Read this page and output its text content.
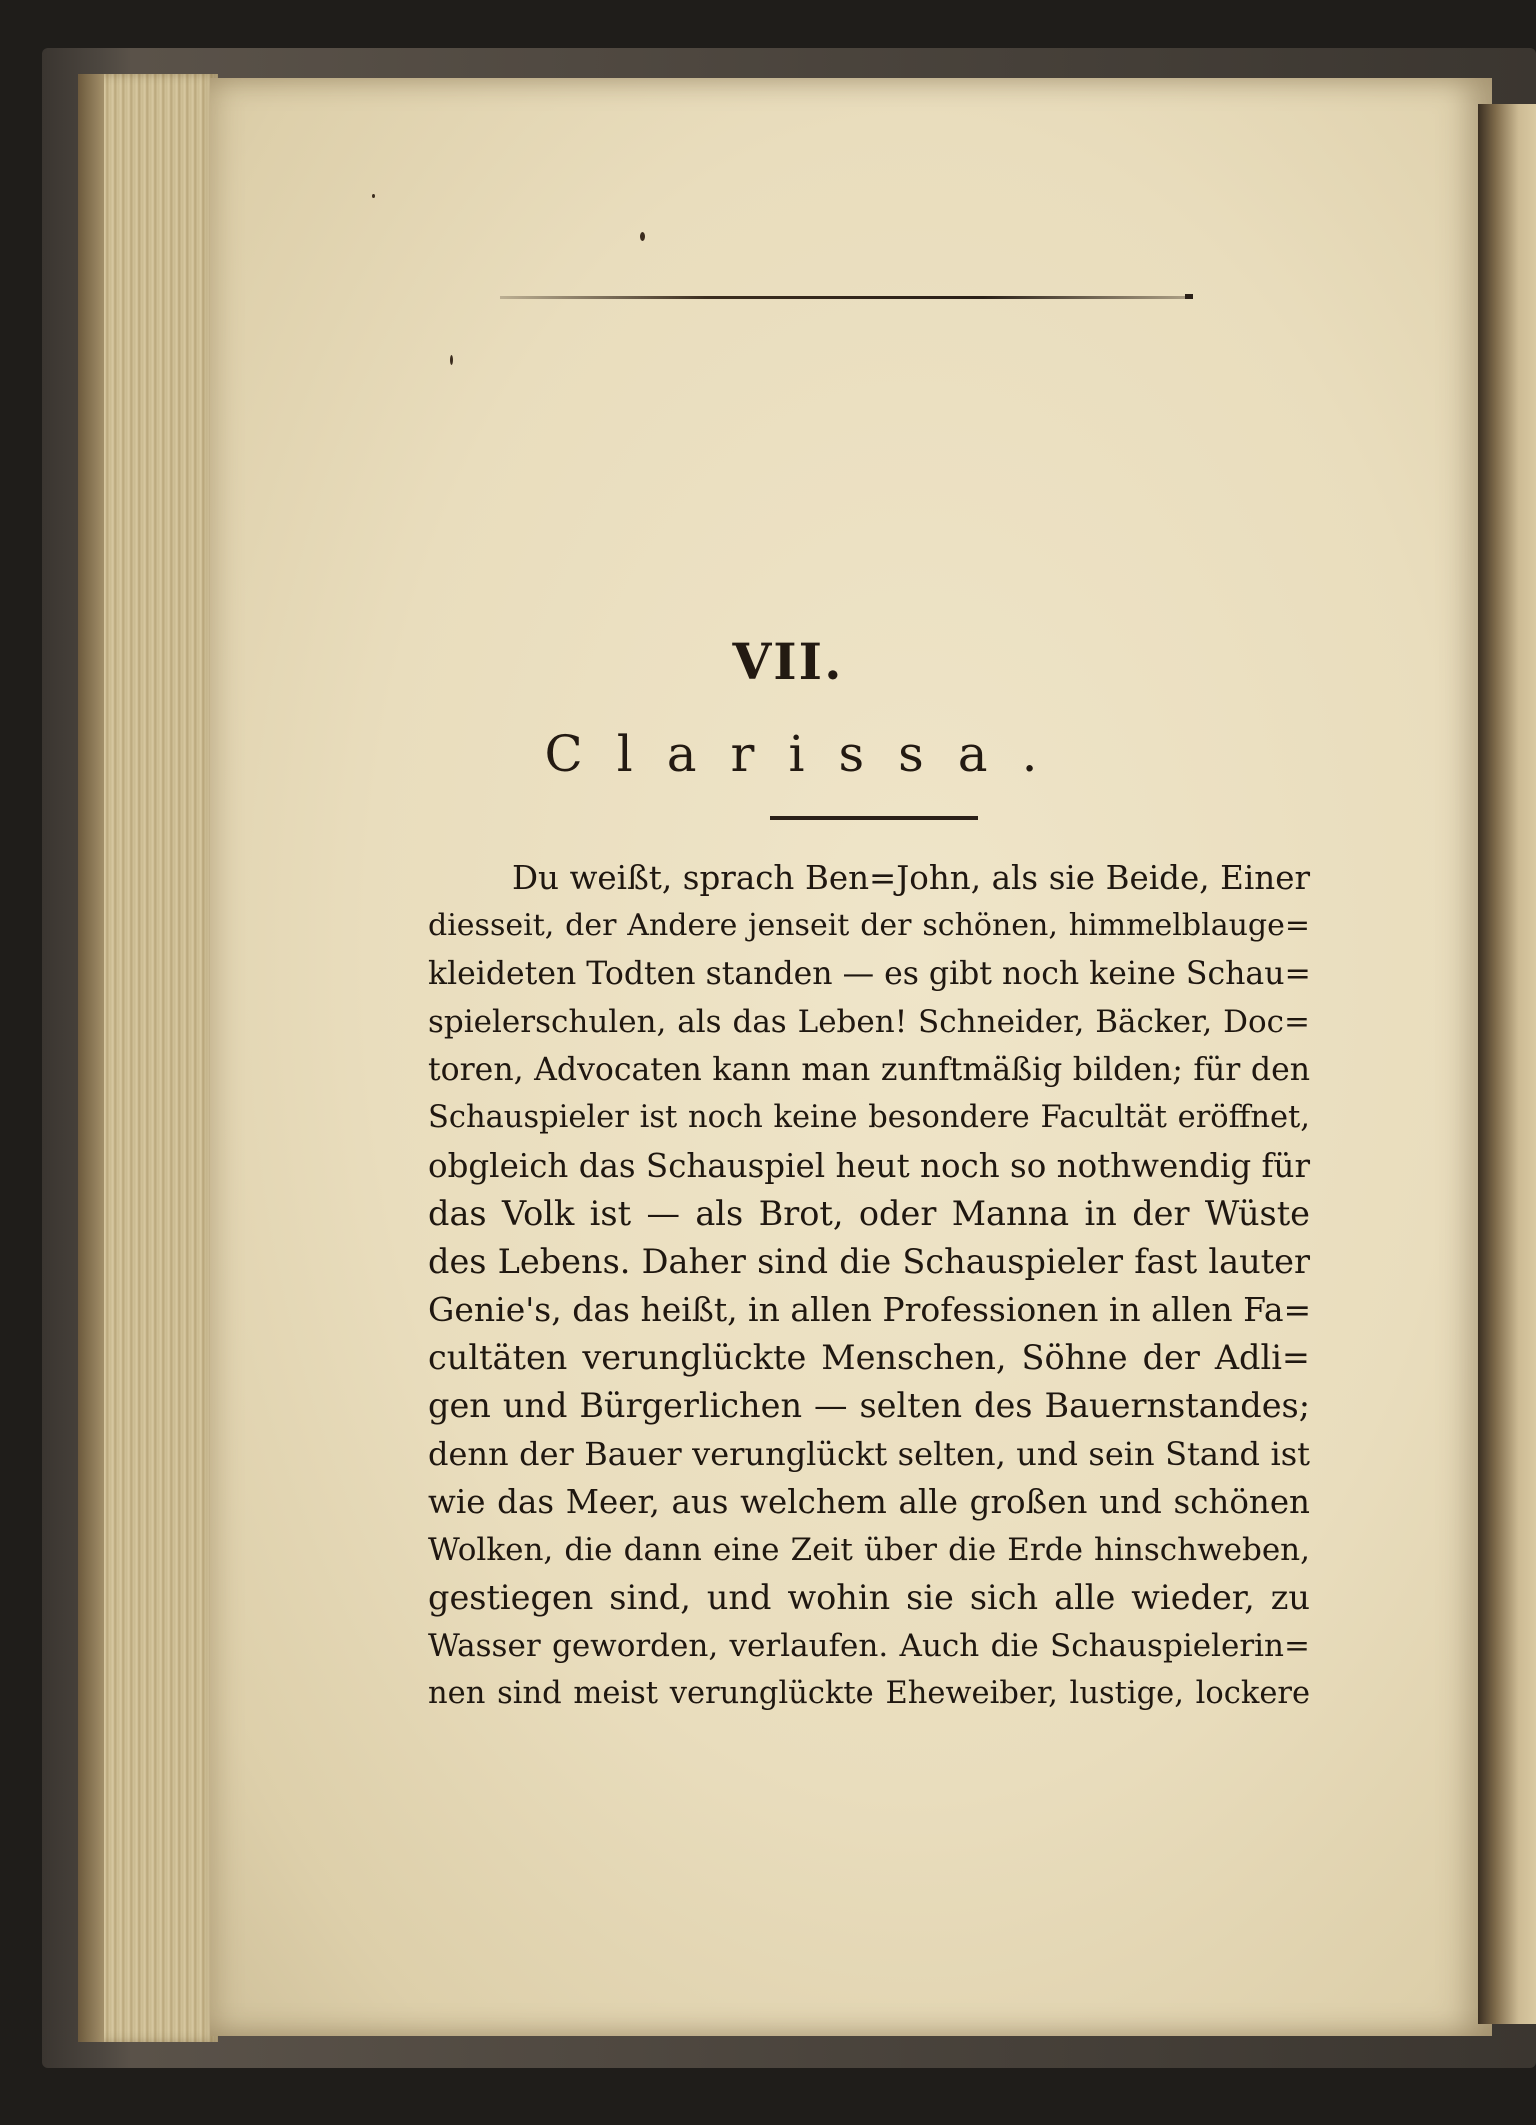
VII.
Clarissa.
Du weißt, sprach Ben=John, als sie Beide, Einer
diesseit, der Andere jenseit der schönen, himmelblauge=
kleideten Todten standen — es gibt noch keine Schau=
spielerschulen, als das Leben! Schneider, Bäcker, Doc=
toren, Advocaten kann man zunftmäßig bilden; für den
Schauspieler ist noch keine besondere Facultät eröffnet,
obgleich das Schauspiel heut noch so nothwendig für
das Volk ist — als Brot, oder Manna in der Wüste
des Lebens. Daher sind die Schauspieler fast lauter
Genie's, das heißt, in allen Professionen in allen Fa=
cultäten verunglückte Menschen, Söhne der Adli=
gen und Bürgerlichen — selten des Bauernstandes;
denn der Bauer verunglückt selten, und sein Stand ist
wie das Meer, aus welchem alle großen und schönen
Wolken, die dann eine Zeit über die Erde hinschweben,
gestiegen sind, und wohin sie sich alle wieder, zu
Wasser geworden, verlaufen. Auch die Schauspielerin=
nen sind meist verunglückte Eheweiber, lustige, lockere
